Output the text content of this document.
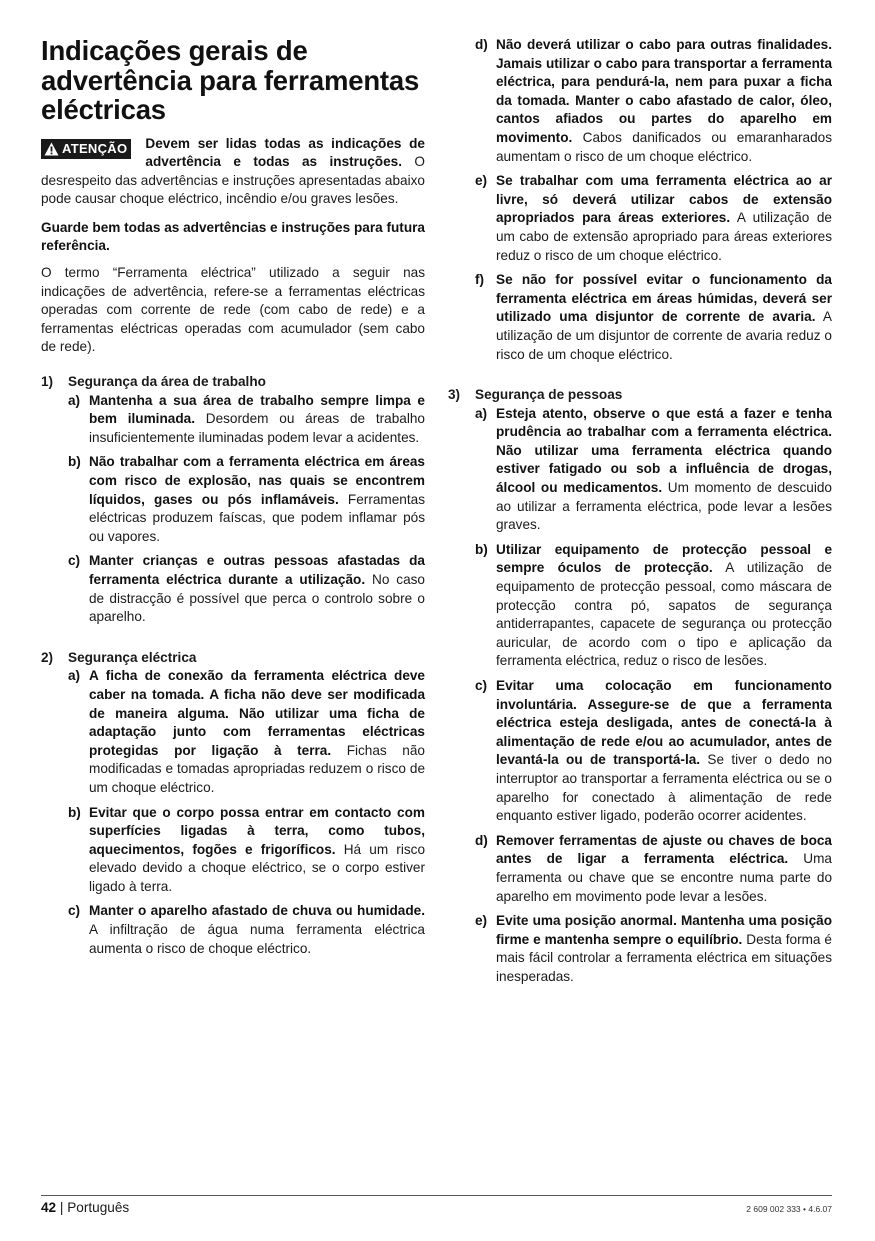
Indicações gerais de advertência para ferramentas eléctricas

ATENÇÃO Devem ser lidas todas as indicações de advertência e todas as instruções. O desrespeito das advertências e instruções apresentadas abaixo pode causar choque eléctrico, incêndio e/ou graves lesões.

Guarde bem todas as advertências e instruções para futura referência.

O termo “Ferramenta eléctrica” utilizado a seguir nas indicações de advertência, refere-se a ferramentas eléctricas operadas com corrente de rede (com cabo de rede) e a ferramentas eléctricas operadas com acumulador (sem cabo de rede).

1)	Segurança da área de trabalho
a) Mantenha a sua área de trabalho sempre limpa e bem iluminada. Desordem ou áreas de trabalho insuficientemente iluminadas podem levar a acidentes.
b) Não trabalhar com a ferramenta eléctrica em áreas com risco de explosão, nas quais se encontrem líquidos, gases ou pós inflamáveis. Ferramentas eléctricas produzem faíscas, que podem inflamar pós ou vapores.
c) Manter crianças e outras pessoas afastadas da ferramenta eléctrica durante a utilização. No caso de distracção é possível que perca o controlo sobre o aparelho.
2)	Segurança eléctrica
a) A ficha de conexão da ferramenta eléctrica deve caber na tomada. A ficha não deve ser modificada de maneira alguma. Não utilizar uma ficha de adaptação junto com ferramentas eléctricas protegidas por ligação à terra. Fichas não modificadas e tomadas apropriadas reduzem o risco de um choque eléctrico.
b) Evitar que o corpo possa entrar em contacto com superfícies ligadas à terra, como tubos, aquecimentos, fogões e frigoríficos. Há um risco elevado devido a choque eléctrico, se o corpo estiver ligado à terra.
c) Manter o aparelho afastado de chuva ou humidade. A infiltração de água numa ferramenta eléctrica aumenta o risco de choque eléctrico.
d) Não deverá utilizar o cabo para outras finalidades. Jamais utilizar o cabo para transportar a ferramenta eléctrica, para pendurá-la, nem para puxar a ficha da tomada. Manter o cabo afastado de calor, óleo, cantos afiados ou partes do aparelho em movimento. Cabos danificados ou emaranharados aumentam o risco de um choque eléctrico.
e) Se trabalhar com uma ferramenta eléctrica ao ar livre, só deverá utilizar cabos de extensão apropriados para áreas exteriores. A utilização de um cabo de extensão apropriado para áreas exteriores reduz o risco de um choque eléctrico.
f) Se não for possível evitar o funcionamento da ferramenta eléctrica em áreas húmidas, deverá ser utilizado uma disjuntor de corrente de avaria. A utilização de um disjuntor de corrente de avaria reduz o risco de um choque eléctrico.
3)	Segurança de pessoas
a) Esteja atento, observe o que está a fazer e tenha prudência ao trabalhar com a ferramenta eléctrica. Não utilizar uma ferramenta eléctrica quando estiver fatigado ou sob a influência de drogas, álcool ou medicamentos. Um momento de descuido ao utilizar a ferramenta eléctrica, pode levar a lesões graves.
b) Utilizar equipamento de protecção pessoal e sempre óculos de protecção. A utilização de equipamento de protecção pessoal, como máscara de protecção contra pó, sapatos de segurança antiderrapantes, capacete de segurança ou protecção auricular, de acordo com o tipo e aplicação da ferramenta eléctrica, reduz o risco de lesões.
c) Evitar uma colocação em funcionamento involuntária. Assegure-se de que a ferramenta eléctrica esteja desligada, antes de conectá-la à alimentação de rede e/ou ao acumulador, antes de levantá-la ou de transportá-la. Se tiver o dedo no interruptor ao transportar a ferramenta eléctrica ou se o aparelho for conectado à alimentação de rede enquanto estiver ligado, poderão ocorrer acidentes.
d) Remover ferramentas de ajuste ou chaves de boca antes de ligar a ferramenta eléctrica. Uma ferramenta ou chave que se encontre numa parte do aparelho em movimento pode levar a lesões.
e) Evite uma posição anormal. Mantenha uma posição firme e mantenha sempre o equilíbrio. Desta forma é mais fácil controlar a ferramenta eléctrica em situações inesperadas.
42 | Português	2 609 002 333 • 4.6.07
